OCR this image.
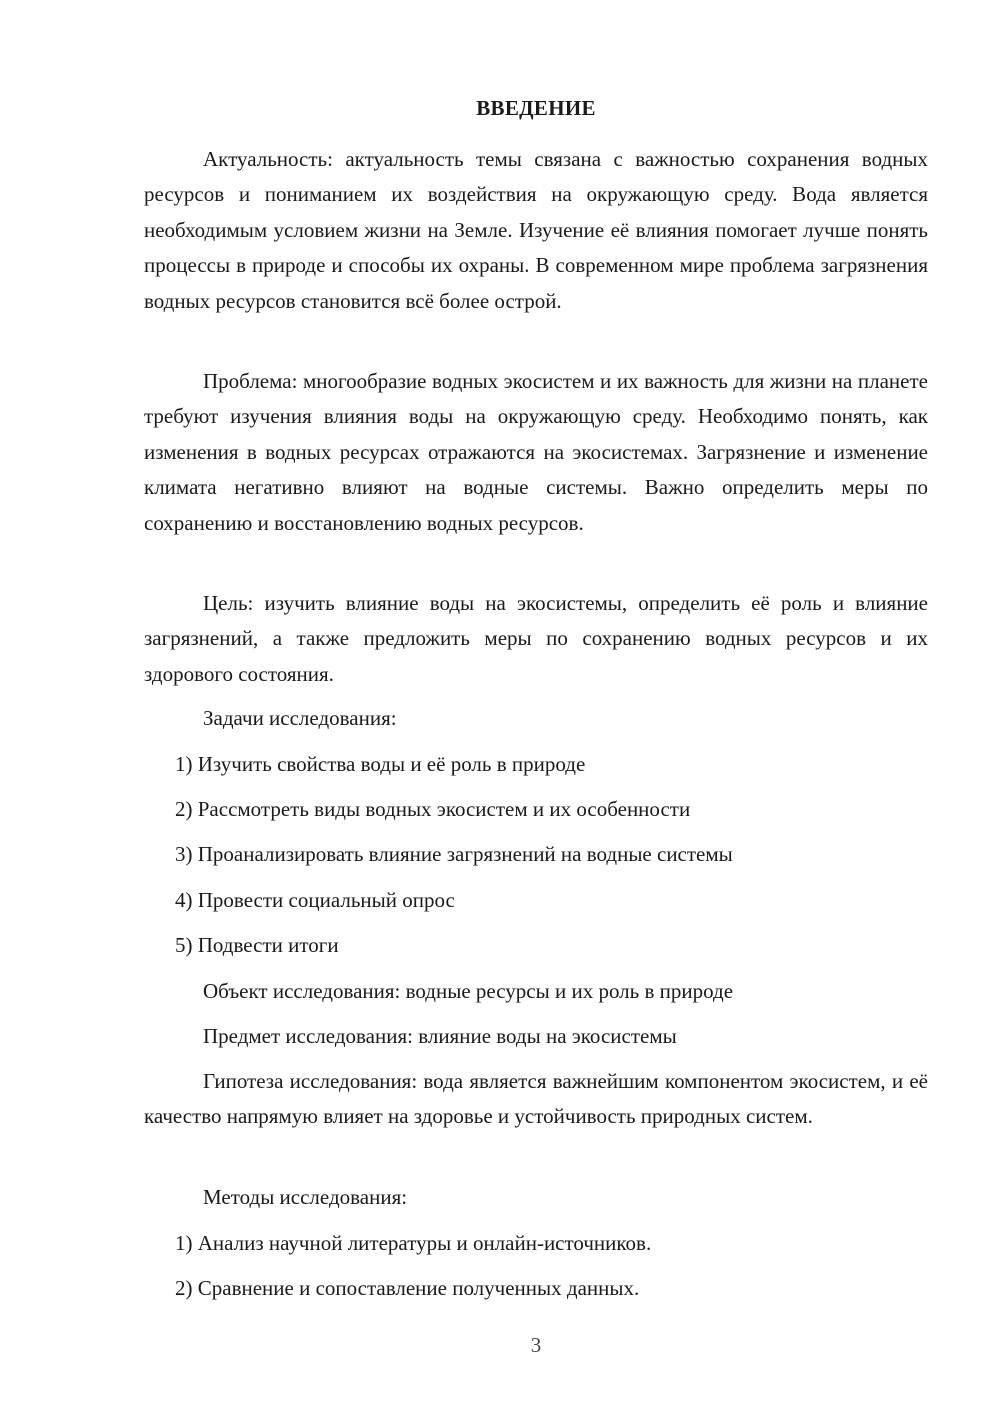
ВВЕДЕНИЕ

Актуальность: актуальность темы связана с важностью сохранения водных ресурсов и пониманием их воздействия на окружающую среду. Вода является необходимым условием жизни на Земле. Изучение её влияния помогает лучше понять процессы в природе и способы их охраны. В современном мире проблема загрязнения водных ресурсов становится всё более острой.

Проблема: многообразие водных экосистем и их важность для жизни на планете требуют изучения влияния воды на окружающую среду. Необходимо понять, как изменения в водных ресурсах отражаются на экосистемах. Загрязнение и изменение климата негативно влияют на водные системы. Важно определить меры по сохранению и восстановлению водных ресурсов.

Цель: изучить влияние воды на экосистемы, определить её роль и влияние загрязнений, а также предложить меры по сохранению водных ресурсов и их здорового состояния.

Задачи исследования:

1) Изучить свойства воды и её роль в природе

2) Рассмотреть виды водных экосистем и их особенности

3) Проанализировать влияние загрязнений на водные системы

4) Провести социальный опрос

5) Подвести итоги

Объект исследования: водные ресурсы и их роль в природе

Предмет исследования: влияние воды на экосистемы

Гипотеза исследования: вода является важнейшим компонентом экосистем, и её качество напрямую влияет на здоровье и устойчивость природных систем.

Методы исследования:

1) Анализ научной литературы и онлайн-источников.

2) Сравнение и сопоставление полученных данных.

3
